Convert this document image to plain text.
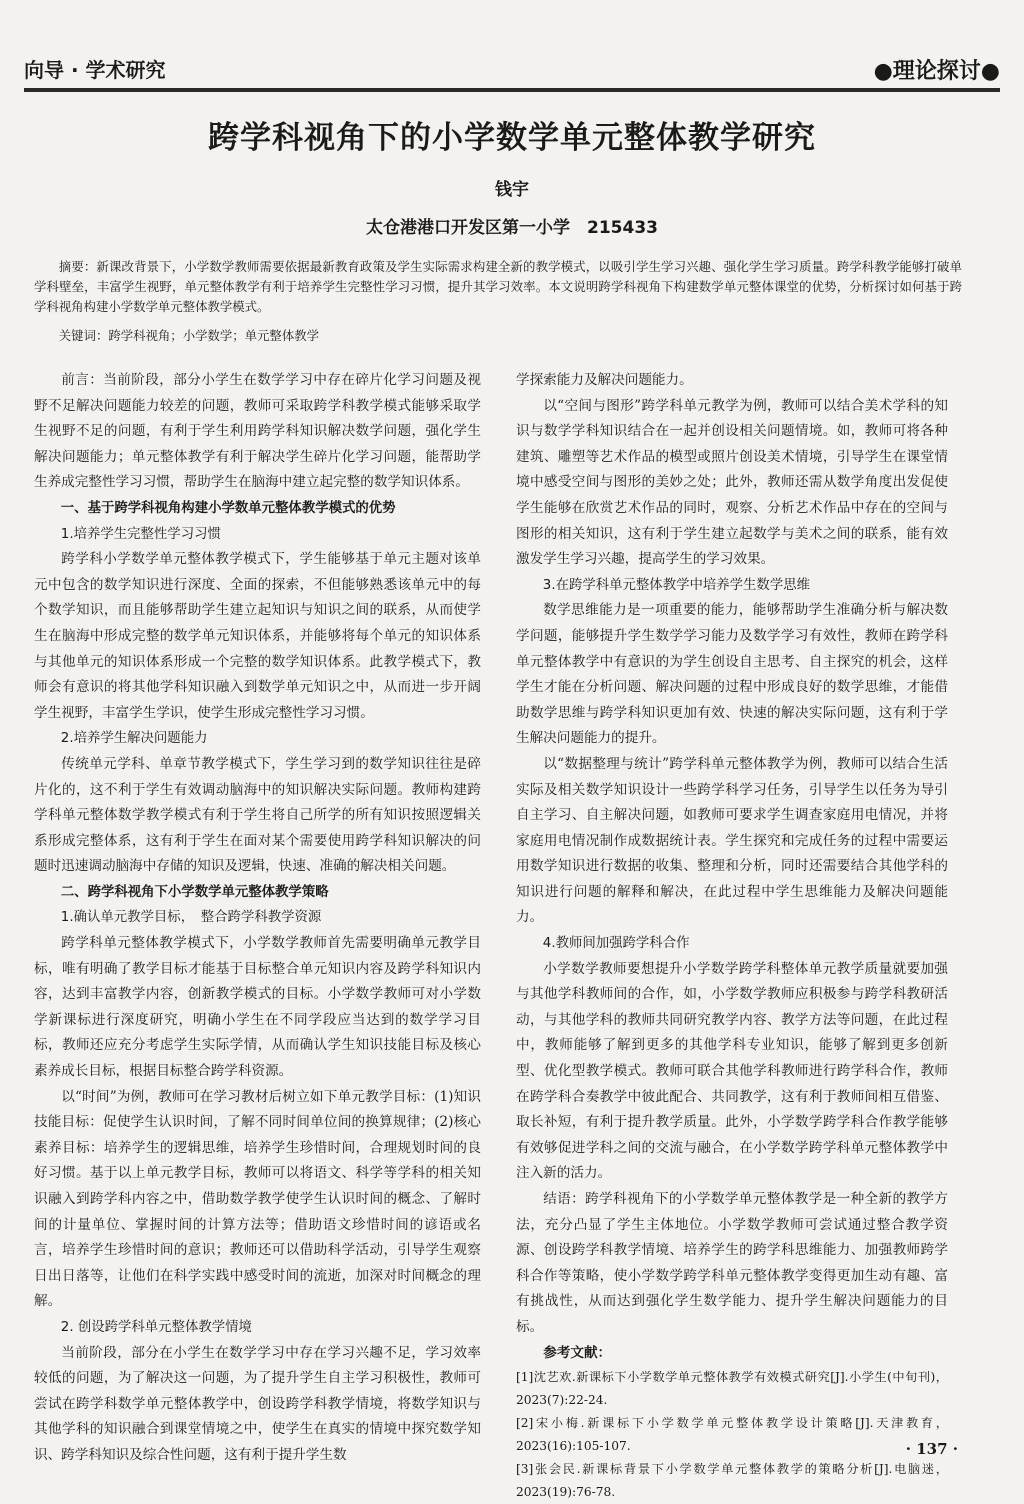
向导 · 学术研究	●理论探讨●
跨学科视角下的小学数学单元整体教学研究
钱宇
太仓港港口开发区第一小学　215433

摘要：新课改背景下，小学数学教师需要依据最新教育政策及学生实际需求构建全新的教学模式，以吸引学生学习兴趣、强化学生学习质量。跨学科教学能够打破单学科壁垒，丰富学生视野，单元整体教学有利于培养学生完整性学习习惯，提升其学习效率。本文说明跨学科视角下构建数学单元整体课堂的优势，分析探讨如何基于跨学科视角构建小学数学单元整体教学模式。

关键词：跨学科视角；小学数学；单元整体教学

前言：当前阶段，部分小学生在数学学习中存在碎片化学习问题及视野不足解决问题能力较差的问题，教师可采取跨学科教学模式能够采取学生视野不足的问题，有利于学生利用跨学科知识解决数学问题，强化学生解决问题能力；单元整体教学有利于解决学生碎片化学习问题，能帮助学生养成完整性学习习惯，帮助学生在脑海中建立起完整的数学知识体系。

一、基于跨学科视角构建小学数单元整体教学模式的优势

1.培养学生完整性学习习惯

跨学科小学数学单元整体教学模式下，学生能够基于单元主题对该单元中包含的数学知识进行深度、全面的探索，不但能够熟悉该单元中的每个数学知识，而且能够帮助学生建立起知识与知识之间的联系，从而使学生在脑海中形成完整的数学单元知识体系，并能够将每个单元的知识体系与其他单元的知识体系形成一个完整的数学知识体系。此教学模式下，教师会有意识的将其他学科知识融入到数学单元知识之中，从而进一步开阔学生视野，丰富学生学识，使学生形成完整性学习习惯。

2.培养学生解决问题能力

传统单元学科、单章节教学模式下，学生学习到的数学知识往往是碎片化的，这不利于学生有效调动脑海中的知识解决实际问题。教师构建跨学科单元整体数学教学模式有利于学生将自己所学的所有知识按照逻辑关系形成完整体系，这有利于学生在面对某个需要使用跨学科知识解决的问题时迅速调动脑海中存储的知识及逻辑，快速、准确的解决相关问题。

二、跨学科视角下小学数学单元整体教学策略

1.确认单元教学目标，　整合跨学科教学资源

跨学科单元整体教学模式下，小学数学教师首先需要明确单元教学目标，唯有明确了教学目标才能基于目标整合单元知识内容及跨学科知识内容，达到丰富教学内容，创新教学模式的目标。小学数学教师可对小学数学新课标进行深度研究，明确小学生在不同学段应当达到的数学学习目标，教师还应充分考虑学生实际学情，从而确认学生知识技能目标及核心素养成长目标，根据目标整合跨学科资源。

以“时间”为例，教师可在学习教材后树立如下单元教学目标：(1)知识技能目标：促使学生认识时间，了解不同时间单位间的换算规律；(2)核心素养目标：培养学生的逻辑思维，培养学生珍惜时间，合理规划时间的良好习惯。基于以上单元教学目标，教师可以将语文、科学等学科的相关知识融入到跨学科内容之中，借助数学教学使学生认识时间的概念、了解时间的计量单位、掌握时间的计算方法等；借助语文珍惜时间的谚语或名言，培养学生珍惜时间的意识；教师还可以借助科学活动，引导学生观察日出日落等，让他们在科学实践中感受时间的流逝，加深对时间概念的理解。

2. 创设跨学科单元整体教学情境

当前阶段，部分在小学生在数学学习中存在学习兴趣不足，学习效率较低的问题，为了解决这一问题，为了提升学生自主学习积极性，教师可尝试在跨学科数学单元整体教学中，创设跨学科教学情境，将数学知识与其他学科的知识融合到课堂情境之中，使学生在真实的情境中探究数学知识、跨学科知识及综合性问题，这有利于提升学生数

学探索能力及解决问题能力。

以“空间与图形”跨学科单元教学为例，教师可以结合美术学科的知识与数学学科知识结合在一起并创设相关问题情境。如，教师可将各种建筑、雕塑等艺术作品的模型或照片创设美术情境，引导学生在课堂情境中感受空间与图形的美妙之处；此外，教师还需从数学角度出发促使学生能够在欣赏艺术作品的同时，观察、分析艺术作品中存在的空间与图形的相关知识，这有利于学生建立起数学与美术之间的联系，能有效激发学生学习兴趣，提高学生的学习效果。

3.在跨学科单元整体教学中培养学生数学思维

数学思维能力是一项重要的能力，能够帮助学生准确分析与解决数学问题，能够提升学生数学学习能力及数学学习有效性，教师在跨学科单元整体教学中有意识的为学生创设自主思考、自主探究的机会，这样学生才能在分析问题、解决问题的过程中形成良好的数学思维，才能借助数学思维与跨学科知识更加有效、快速的解决实际问题，这有利于学生解决问题能力的提升。

以“数据整理与统计”跨学科单元整体教学为例，教师可以结合生活实际及相关数学知识设计一些跨学科学习任务，引导学生以任务为导引自主学习、自主解决问题，如教师可要求学生调查家庭用电情况，并将家庭用电情况制作成数据统计表。学生探究和完成任务的过程中需要运用数学知识进行数据的收集、整理和分析，同时还需要结合其他学科的知识进行问题的解释和解决，在此过程中学生思维能力及解决问题能力。

4.教师间加强跨学科合作

小学数学教师要想提升小学数学跨学科整体单元教学质量就要加强与其他学科教师间的合作，如，小学数学教师应积极参与跨学科教研活动，与其他学科的教师共同研究教学内容、教学方法等问题，在此过程中，教师能够了解到更多的其他学科专业知识，能够了解到更多创新型、优化型教学模式。教师可联合其他学科教师进行跨学科合作，教师在跨学科合奏教学中彼此配合、共同教学，这有利于教师间相互借鉴、取长补短，有利于提升教学质量。此外，小学数学跨学科合作教学能够有效够促进学科之间的交流与融合，在小学数学跨学科单元整体教学中注入新的活力。

结语：跨学科视角下的小学数学单元整体教学是一种全新的教学方法，充分凸显了学生主体地位。小学数学教师可尝试通过整合教学资源、创设跨学科教学情境、培养学生的跨学科思维能力、加强教师跨学科合作等策略，使小学数学跨学科单元整体教学变得更加生动有趣、富有挑战性，从而达到强化学生数学能力、提升学生解决问题能力的目标。

参考文献：

[1]沈艺欢.新课标下小学数学单元整体教学有效模式研究[J].小学生(中旬刊)，2023(7):22-24.

[2]宋小梅.新课标下小学数学单元整体教学设计策略[J].天津教育，2023(16):105-107.

[3]张会民.新课标背景下小学数学单元整体教学的策略分析[J].电脑迷，2023(19):76-78.

· 137 ·
